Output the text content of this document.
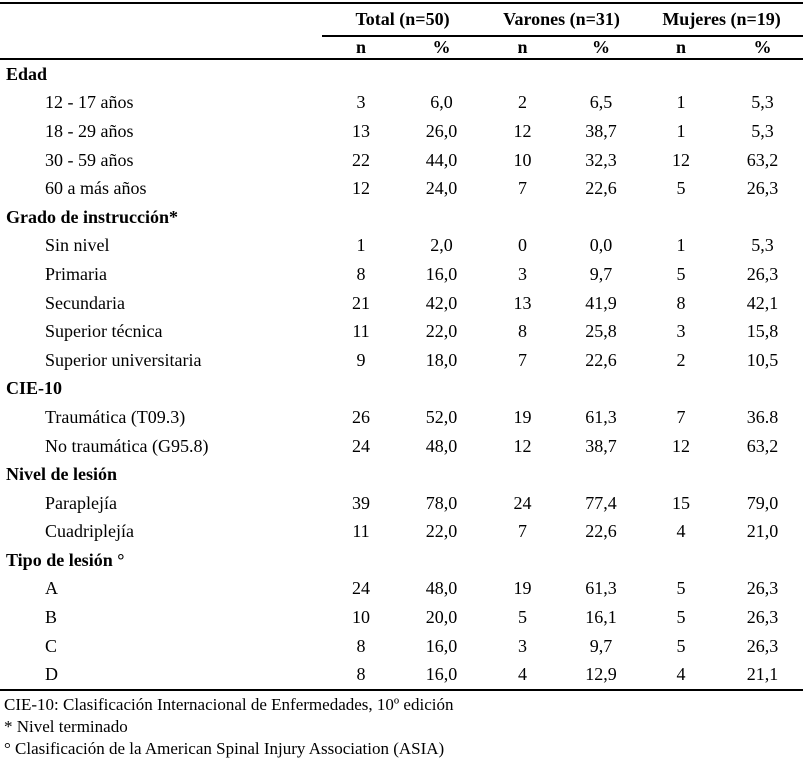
	Total (n=50)		Varones (n=31)		Mujeres (n=19)	
	n	%	n	%	n	%
Edad						
12 - 17 años	3	6,0	2	6,5	1	5,3
18 - 29 años	13	26,0	12	38,7	1	5,3
30 - 59 años	22	44,0	10	32,3	12	63,2
60 a más años	12	24,0	7	22,6	5	26,3
Grado de instrucción*						
Sin nivel	1	2,0	0	0,0	1	5,3
Primaria	8	16,0	3	9,7	5	26,3
Secundaria	21	42,0	13	41,9	8	42,1
Superior técnica	11	22,0	8	25,8	3	15,8
Superior universitaria	9	18,0	7	22,6	2	10,5
CIE-10						
Traumática (T09.3)	26	52,0	19	61,3	7	36.8
No traumática (G95.8)	24	48,0	12	38,7	12	63,2
Nivel de lesión						
Paraplejía	39	78,0	24	77,4	15	79,0
Cuadriplejía	11	22,0	7	22,6	4	21,0
Tipo de lesión °						
A	24	48,0	19	61,3	5	26,3
B	10	20,0	5	16,1	5	26,3
C	8	16,0	3	9,7	5	26,3
D	8	16,0	4	12,9	4	21,1
CIE-10: Clasificación Internacional de Enfermedades, 10º edición
* Nivel terminado
° Clasificación de la American Spinal Injury Association (ASIA)
